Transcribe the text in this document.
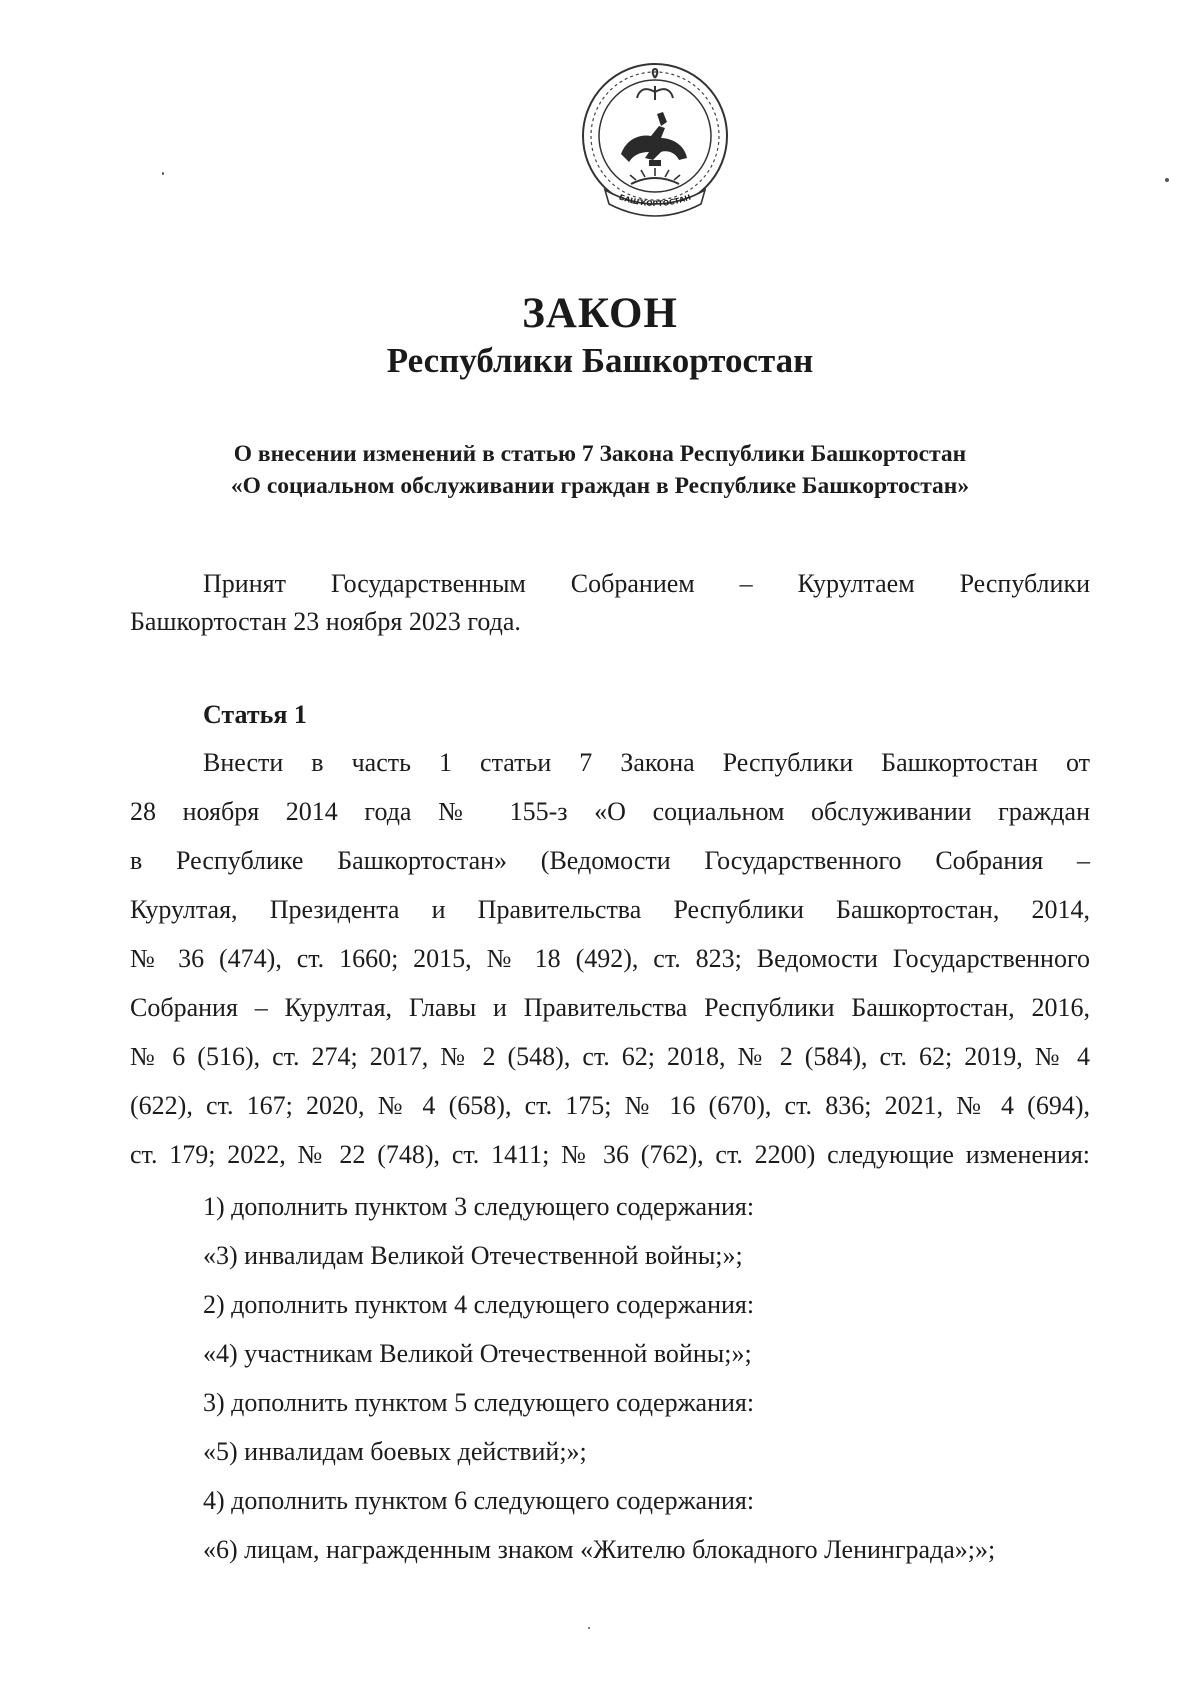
БАШҠОРТОСТАН
ЗАКОН
Республики Башкортостан
О внесении изменений в статью 7 Закона Республики Башкортостан
«О социальном обслуживании граждан в Республике Башкортостан»
Принят Государственным Собранием – Курултаем Республики
Башкортостан 23 ноября 2023 года.
Статья 1
Внести в часть 1 статьи 7 Закона Республики Башкортостан от
28 ноября 2014 года № 155-з «О социальном обслуживании граждан
в Республике Башкортостан» (Ведомости Государственного Собрания –
Курултая, Президента и Правительства Республики Башкортостан, 2014,
№ 36 (474), ст. 1660; 2015, № 18 (492), ст. 823; Ведомости Государственного
Собрания – Курултая, Главы и Правительства Республики Башкортостан, 2016,
№ 6 (516), ст. 274; 2017, № 2 (548), ст. 62; 2018, № 2 (584), ст. 62; 2019, № 4
(622), ст. 167; 2020, № 4 (658), ст. 175; № 16 (670), ст. 836; 2021, № 4 (694),
ст. 179; 2022, № 22 (748), ст. 1411; № 36 (762), ст. 2200) следующие изменения:
1) дополнить пунктом 3 следующего содержания:
«3) инвалидам Великой Отечественной войны;»;
2) дополнить пунктом 4 следующего содержания:
«4) участникам Великой Отечественной войны;»;
3) дополнить пунктом 5 следующего содержания:
«5) инвалидам боевых действий;»;
4) дополнить пунктом 6 следующего содержания:
«6) лицам, награжденным знаком «Жителю блокадного Ленинграда»;»;
